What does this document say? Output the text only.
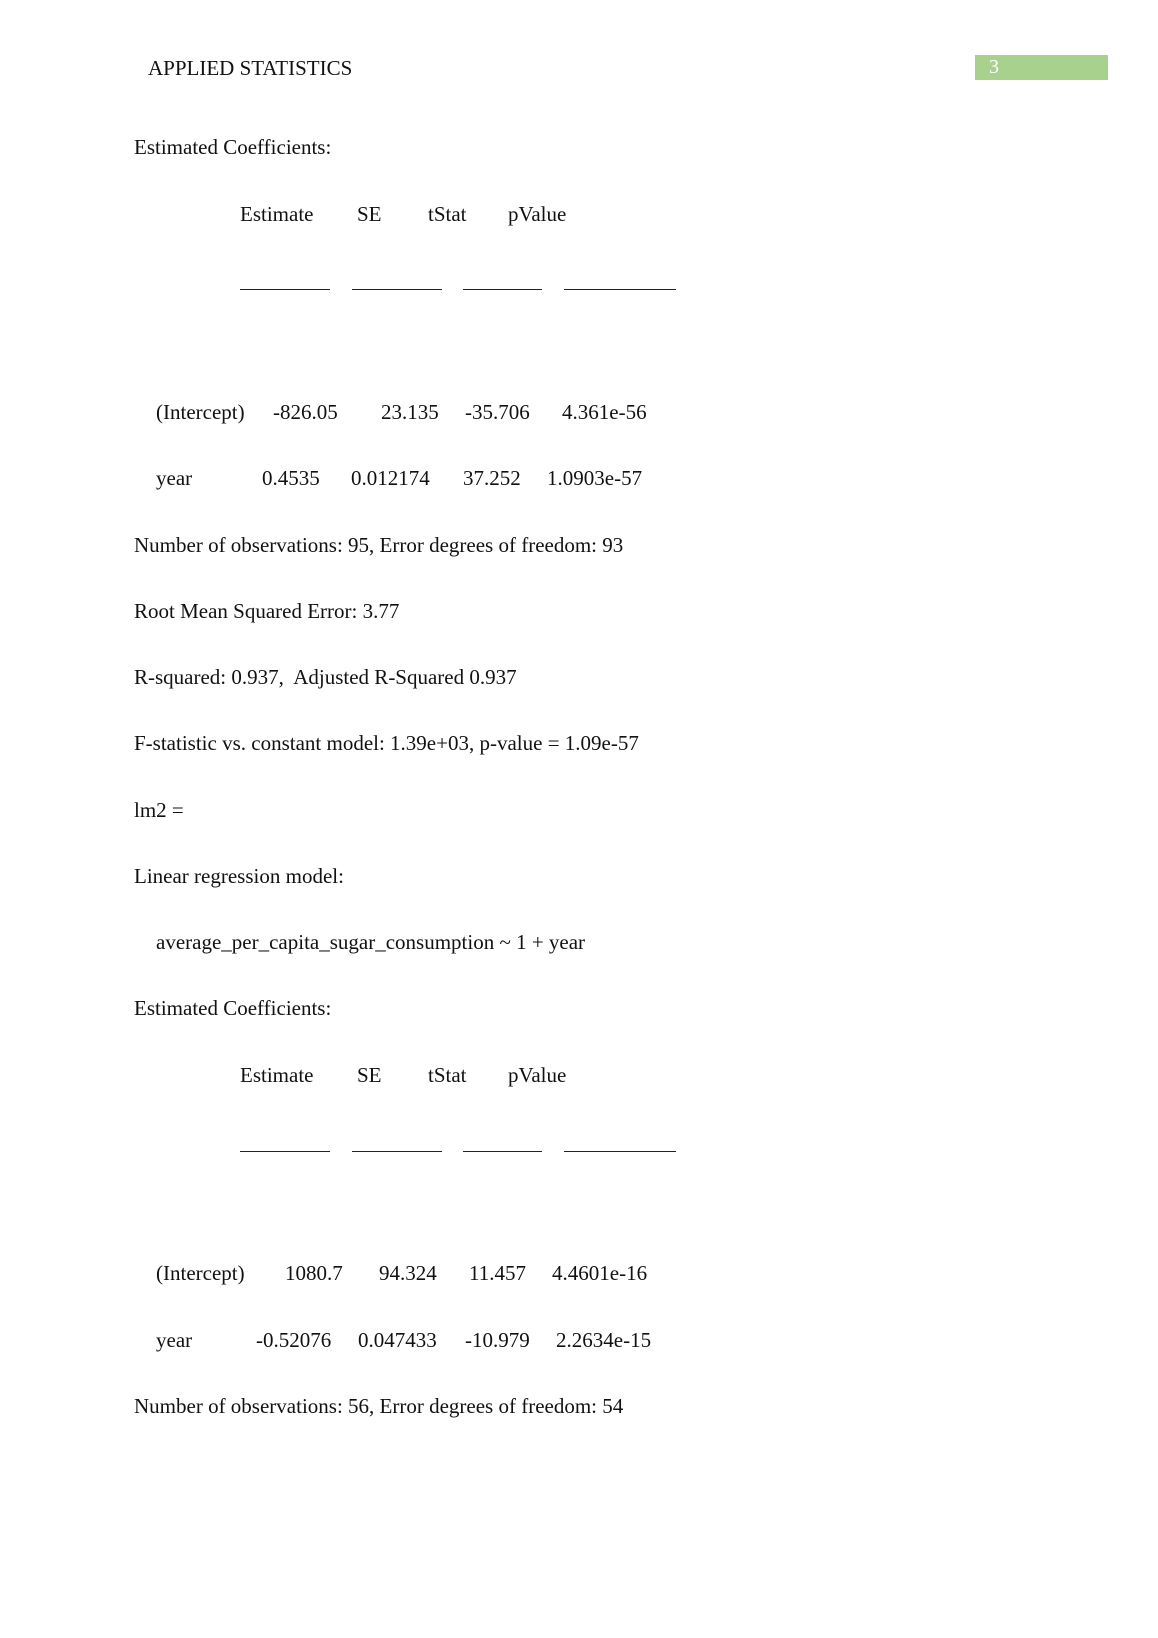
APPLIED STATISTICS	3
Estimated Coefficients:
Estimate SE tStat pValue
(Intercept) -826.05 23.135 -35.706 4.361e-56
year	0.4535 0.012174 37.252 1.0903e-57
Number of observations: 95, Error degrees of freedom: 93
Root Mean Squared Error: 3.77
R-squared: 0.937,  Adjusted R-Squared 0.937
F-statistic vs. constant model: 1.39e+03, p-value = 1.09e-57
lm2 =
Linear regression model:
average_per_capita_sugar_consumption ~ 1 + year
Estimated Coefficients:
Estimate SE tStat pValue
(Intercept) 1080.7 94.324 11.457 4.4601e-16
year	-0.52076 0.047433 -10.979 2.2634e-15
Number of observations: 56, Error degrees of freedom: 54
